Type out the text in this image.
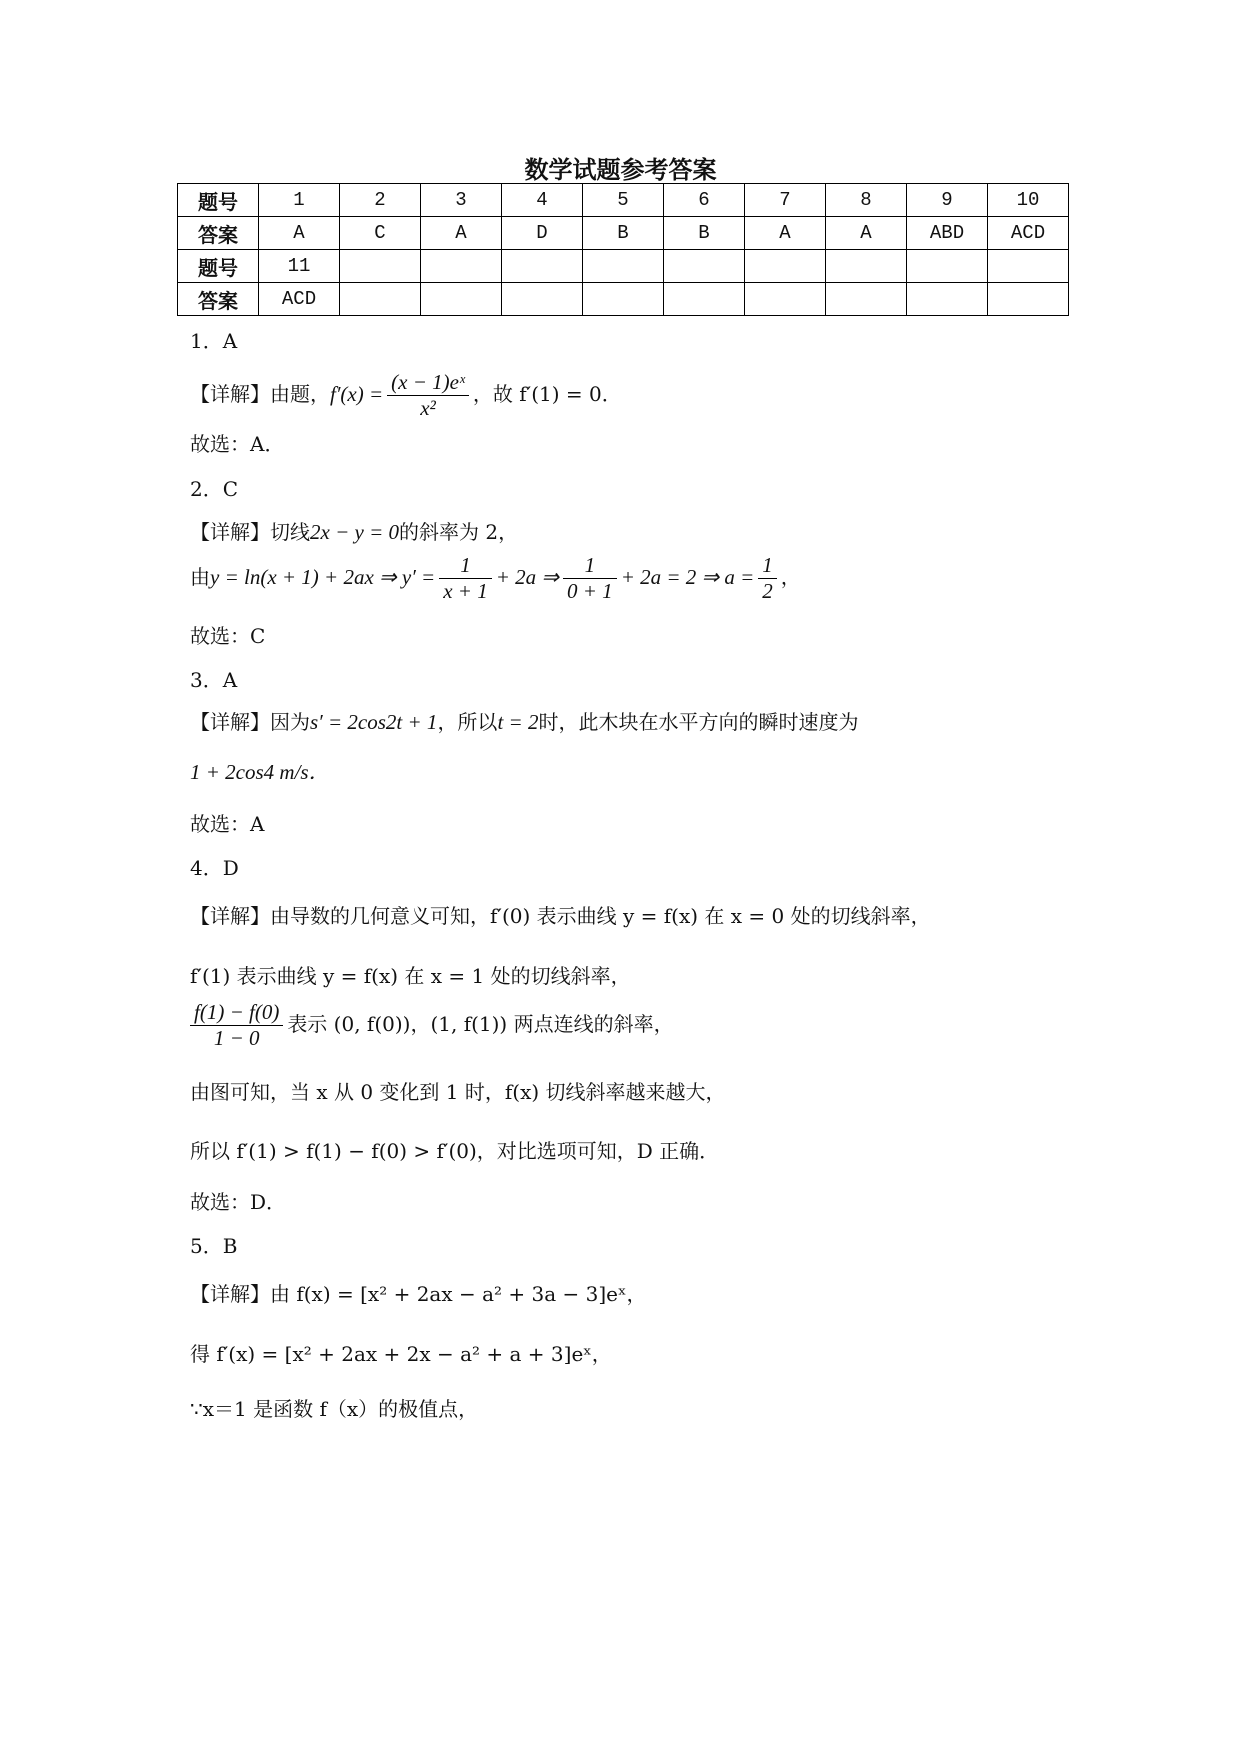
数学试题参考答案
题号	1	2	3	4	5	6	7	8	9	10
答案	A	C	A	D	B	B	A	A	ABD	ACD
题号	11									
答案	ACD									
1．A
【详解】由题，$f'(x) = \frac{\text{(x − 1)eˣ}}{\text{x²}}$ ，故 f′(1) = 0．
故选：A．
2．C
【详解】切线2x − y = 0的斜率为 2，
由y = ln(x + 1) + 2ax ⇒ $y' = \frac{1}{x + 1} + 2a$ ⇒ $\frac{1}{0 + 1} + 2a = 2$ ⇒ $a = \frac{1}{2}$ ，
故选：C
3．A
【详解】因为s′ = 2cos2t + 1，所以t = 2时，此木块在水平方向的瞬时速度为
1 + 2cos4 m/s．
故选：A
4．D
【详解】由导数的几何意义可知，f′(0) 表示曲线 y = f(x) 在 x = 0 处的切线斜率，
f′(1) 表示曲线 y = f(x) 在 x = 1 处的切线斜率，
$\frac{f(1) - f(0)}{1 - 0}$ 表示 (0, f(0))，(1, f(1)) 两点连线的斜率，
由图可知，当 x 从 0 变化到 1 时，f(x) 切线斜率越来越大，
所以 f′(1) > f(1) − f(0) > f′(0)，对比选项可知，D 正确．
故选：D．
5．B
【详解】由 f(x) = [x² + 2ax − a² + 3a − 3]eˣ，
得 f′(x) = [x² + 2ax + 2x − a² + a + 3]eˣ，
∵x＝1 是函数 f（x）的极值点，
